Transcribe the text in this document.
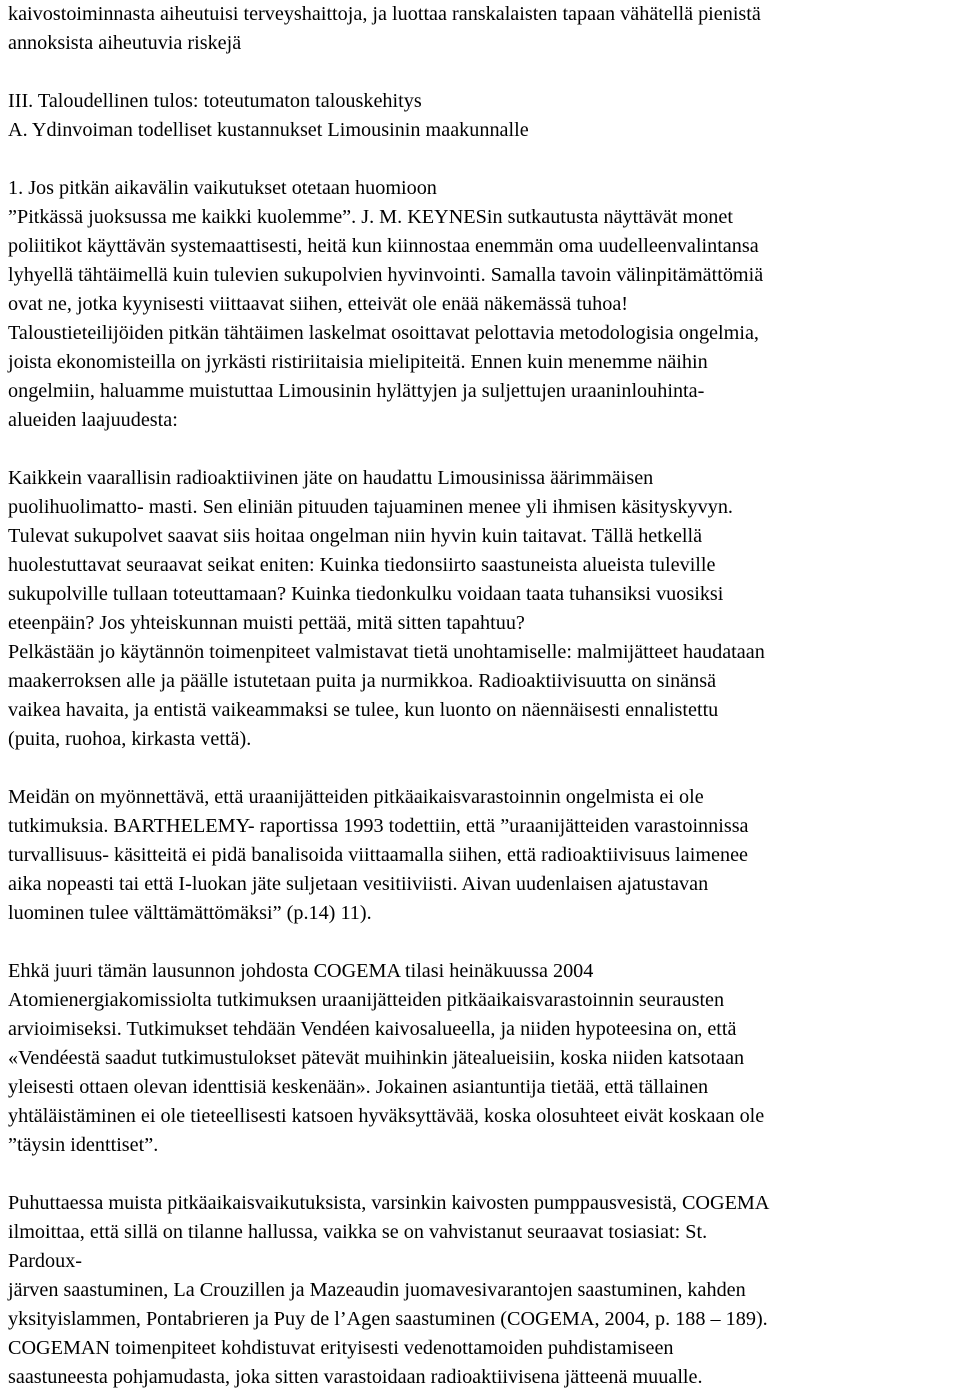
kaivostoiminnasta aiheutuisi terveyshaittoja, ja luottaa ranskalaisten tapaan vähätellä pienistä
annoksista aiheutuvia riskejä
III. Taloudellinen tulos: toteutumaton talouskehitys
A. Ydinvoiman todelliset kustannukset Limousinin maakunnalle
1. Jos pitkän aikavälin vaikutukset otetaan huomioon
”Pitkässä juoksussa me kaikki kuolemme”. J. M. KEYNESin sutkautusta näyttävät monet
poliitikot käyttävän systemaattisesti, heitä kun kiinnostaa enemmän oma uudelleenvalintansa
lyhyellä tähtäimellä kuin tulevien sukupolvien hyvinvointi. Samalla tavoin välinpitämättömiä
ovat ne, jotka kyynisesti viittaavat siihen, etteivät ole enää näkemässä tuhoa!
Taloustieteilijöiden pitkän tähtäimen laskelmat osoittavat pelottavia metodologisia ongelmia,
joista ekonomisteilla on jyrkästi ristiriitaisia mielipiteitä. Ennen kuin menemme näihin
ongelmiin, haluamme muistuttaa Limousinin hylättyjen ja suljettujen uraaninlouhinta-
alueiden laajuudesta:
Kaikkein vaarallisin radioaktiivinen jäte on haudattu Limousinissa äärimmäisen
puolihuolimatto- masti. Sen eliniän pituuden tajuaminen menee yli ihmisen käsityskyvyn.
Tulevat sukupolvet saavat siis hoitaa ongelman niin hyvin kuin taitavat. Tällä hetkellä
huolestuttavat seuraavat seikat eniten: Kuinka tiedonsiirto saastuneista alueista tuleville
sukupolville tullaan toteuttamaan? Kuinka tiedonkulku voidaan taata tuhansiksi vuosiksi
eteenpäin? Jos yhteiskunnan muisti pettää, mitä sitten tapahtuu?
Pelkästään jo käytännön toimenpiteet valmistavat tietä unohtamiselle: malmijätteet haudataan
maakerroksen alle ja päälle istutetaan puita ja nurmikkoa. Radioaktiivisuutta on sinänsä
vaikea havaita, ja entistä vaikeammaksi se tulee, kun luonto on näennäisesti ennalistettu
(puita, ruohoa, kirkasta vettä).
Meidän on myönnettävä, että uraanijätteiden pitkäaikaisvarastoinnin ongelmista ei ole
tutkimuksia. BARTHELEMY- raportissa 1993 todettiin, että ”uraanijätteiden varastoinnissa
turvallisuus- käsitteitä ei pidä banalisoida viittaamalla siihen, että radioaktiivisuus laimenee
aika nopeasti tai että I-luokan jäte suljetaan vesitiiviisti. Aivan uudenlaisen ajatustavan
luominen tulee välttämättömäksi” (p.14) 11).
Ehkä juuri tämän lausunnon johdosta COGEMA tilasi heinäkuussa 2004
Atomienergiakomissiolta tutkimuksen uraanijätteiden pitkäaikaisvarastoinnin seurausten
arvioimiseksi. Tutkimukset tehdään Vendéen kaivosalueella, ja niiden hypoteesina on, että
«Vendéestä saadut tutkimustulokset pätevät muihinkin jätealueisiin, koska niiden katsotaan
yleisesti ottaen olevan identtisiä keskenään». Jokainen asiantuntija tietää, että tällainen
yhtäläistäminen ei ole tieteellisesti katsoen hyväksyttävää, koska olosuhteet eivät koskaan ole
”täysin identtiset”.
Puhuttaessa muista pitkäaikaisvaikutuksista, varsinkin kaivosten pumppausvesistä, COGEMA
ilmoittaa, että sillä on tilanne hallussa, vaikka se on vahvistanut seuraavat tosiasiat: St.
Pardoux-
järven saastuminen, La Crouzillen ja Mazeaudin juomavesivarantojen saastuminen, kahden
yksityislammen, Pontabrieren ja Puy de l’Agen saastuminen (COGEMA, 2004, p. 188 – 189).
COGEMAN toimenpiteet kohdistuvat erityisesti vedenottamoiden puhdistamiseen
saastuneesta pohjamudasta, joka sitten varastoidaan radioaktiivisena jätteenä muualle.
